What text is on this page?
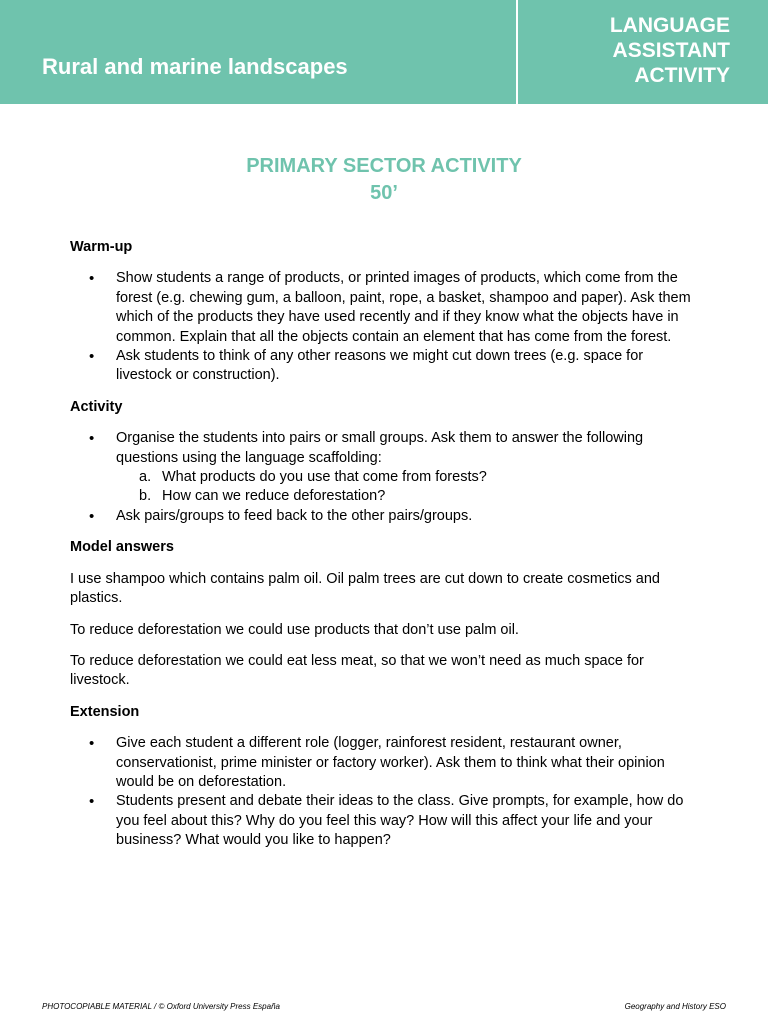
Rural and marine landscapes
LANGUAGE
ASSISTANT
ACTIVITY
PRIMARY SECTOR ACTIVITY
50’
Warm-up
• Show students a range of products, or printed images of products, which come from the forest (e.g. chewing gum, a balloon, paint, rope, a basket, shampoo and paper). Ask them which of the products they have used recently and if they know what the objects have in common. Explain that all the objects contain an element that has come from the forest.
• Ask students to think of any other reasons we might cut down trees (e.g. space for livestock or construction).
Activity
• Organise the students into pairs or small groups. Ask them to answer the following questions using the language scaffolding:
a. What products do you use that come from forests?
b. How can we reduce deforestation?
• Ask pairs/groups to feed back to the other pairs/groups.
Model answers

I use shampoo which contains palm oil. Oil palm trees are cut down to create cosmetics and plastics.

To reduce deforestation we could use products that don’t use palm oil.

To reduce deforestation we could eat less meat, so that we won’t need as much space for livestock.

Extension
• Give each student a different role (logger, rainforest resident, restaurant owner, conservationist, prime minister or factory worker). Ask them to think what their opinion would be on deforestation.
• Students present and debate their ideas to the class. Give prompts, for example, how do you feel about this? Why do you feel this way? How will this affect your life and your business? What would you like to happen?
PHOTOCOPIABLE MATERIAL / © Oxford University Press España	Geography and History ESO
